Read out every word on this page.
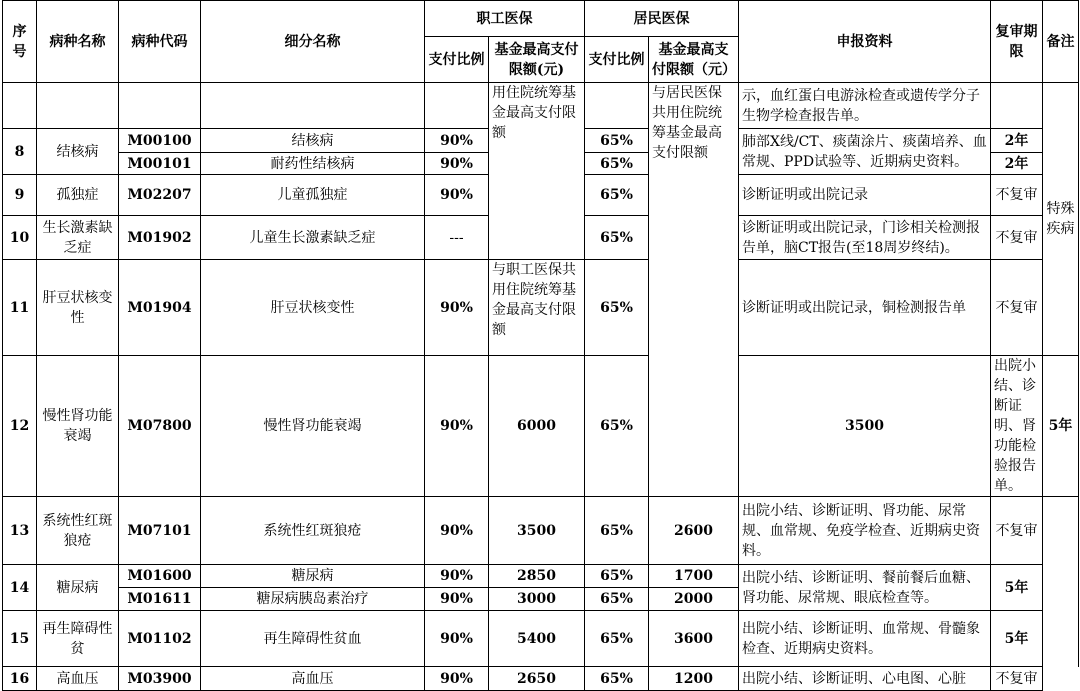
序号	病种名称	病种代码	细分名称	职工医保		居民医保		申报资料	复审期限	备注	
				支付比例	基金最高支付限额(元)	支付比例	基金最高支付限额（元）				
					用住院统筹基金最高支付限额		与居民医保共用住院统筹基金最高支付限额	示，血红蛋白电游泳检查或遗传学分子生物学检查报告单。		特殊疾病	
8	结核病	M00100	结核病	90%		65%		肺部X线/CT、痰菌涂片、痰菌培养、血常规、PPD试验等、近期病史资料。	2年		
		M00101	耐药性结核病	90%		65%			2年		
9	孤独症	M02207	儿童孤独症	90%		65%		诊断证明或出院记录	不复审		
10	生长激素缺乏症	M01902	儿童生长激素缺乏症	---		65%		诊断证明或出院记录，门诊相关检测报告单，脑CT报告(至18周岁终结)。	不复审		
11	肝豆状核变性	M01904	肝豆状核变性	90%	与职工医保共用住院统筹基金最高支付限额	65%		诊断证明或出院记录，铜检测报告单	不复审		
12	慢性肾功能衰竭	M07800	慢性肾功能衰竭	90%	6000	65%		3500	出院小结、诊断证明、肾功能检验报告单。	5年	
13	系统性红斑狼疮	M07101	系统性红斑狼疮	90%	3500	65%	2600	出院小结、诊断证明、肾功能、尿常规、血常规、免疫学检查、近期病史资料。	不复审		
14	糖尿病	M01600	糖尿病	90%	2850	65%	1700	出院小结、诊断证明、餐前餐后血糖、肾功能、尿常规、眼底检查等。	5年		
		M01611	糖尿病胰岛素治疗	90%	3000	65%	2000				
15	再生障碍性贫	M01102	再生障碍性贫血	90%	5400	65%	3600	出院小结、诊断证明、血常规、骨髓象检查、近期病史资料。	5年		
16	高血压	M03900	高血压	90%	2650	65%	1200	出院小结、诊断证明、心电图、心脏	不复审		
